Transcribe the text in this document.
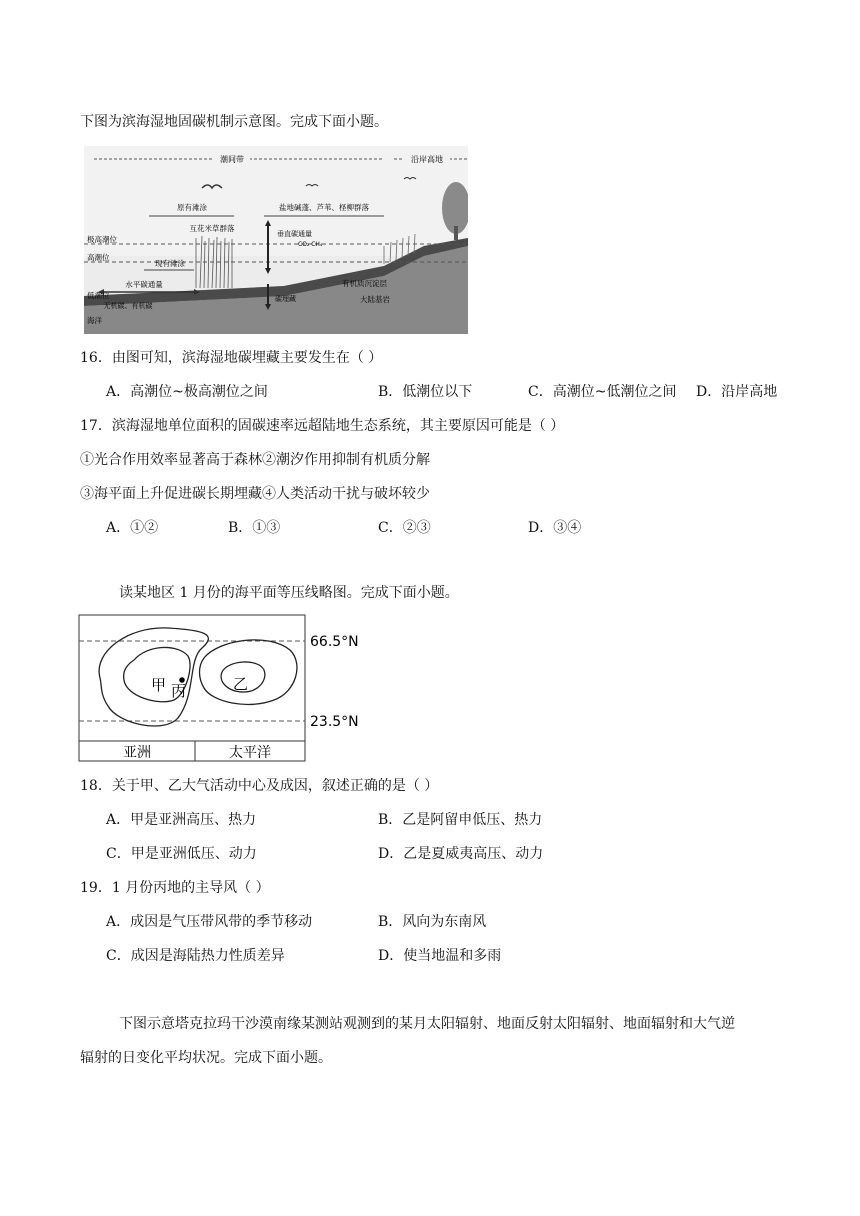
下图为滨海湿地固碳机制示意图。完成下面小题。
潮间带	沿岸高地
原有滩涂	盐地碱蓬、芦苇、柽柳群落
互花米草群落
极高潮位
高潮位
现有滩涂
水平碳通量
低潮位
无机碳、有机碳
海洋
垂直碳通量
CO₂ CH₄
碳埋藏
有机质沉淀层
大陆基岩
16．由图可知，滨海湿地碳埋藏主要发生在（ ）
A．高潮位~极高潮位之间	B．低潮位以下	C．高潮位~低潮位之间 D．沿岸高地
17．滨海湿地单位面积的固碳速率远超陆地生态系统，其主要原因可能是（ ）
①光合作用效率显著高于森林②潮汐作用抑制有机质分解
③海平面上升促进碳长期埋藏④人类活动干扰与破坏较少
A．①②	B．①③	C．②③	D．③④
读某地区 1 月份的海平面等压线略图。完成下面小题。
甲 丙	乙
66.5°N
23.5°N
亚洲	太平洋
18．关于甲、乙大气活动中心及成因，叙述正确的是（ ）
A．甲是亚洲高压、热力	B．乙是阿留申低压、热力
C．甲是亚洲低压、动力	D．乙是夏威夷高压、动力
19．1 月份丙地的主导风（ ）
A．成因是气压带风带的季节移动	B．风向为东南风
C．成因是海陆热力性质差异	D．使当地温和多雨
下图示意塔克拉玛干沙漠南缘某测站观测到的某月太阳辐射、地面反射太阳辐射、地面辐射和大气逆
辐射的日变化平均状况。完成下面小题。
